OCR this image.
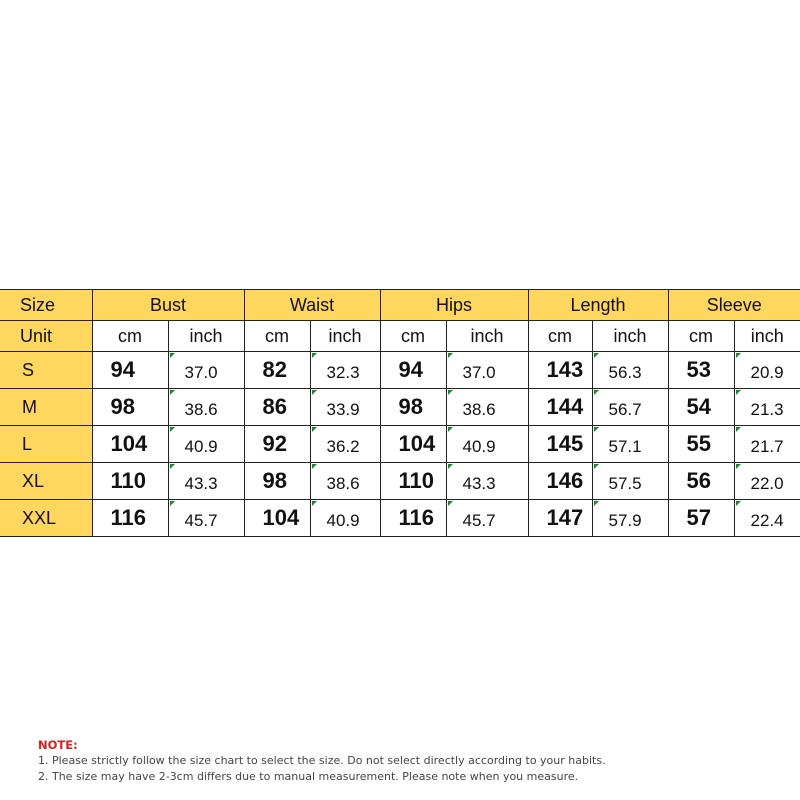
Size	Bust		Waist		Hips		Length		Sleeve	
Unit	cm	inch	cm	inch	cm	inch	cm	inch	cm	inch
S	94	37.0	82	32.3	94	37.0	143	56.3	53	20.9
M	98	38.6	86	33.9	98	38.6	144	56.7	54	21.3
L	104	40.9	92	36.2	104	40.9	145	57.1	55	21.7
XL	110	43.3	98	38.6	110	43.3	146	57.5	56	22.0
XXL	116	45.7	104	40.9	116	45.7	147	57.9	57	22.4
NOTE:
1. Please strictly follow the size chart to select the size. Do not select directly according to your habits.
2. The size may have 2-3cm differs due to manual measurement. Please note when you measure.
